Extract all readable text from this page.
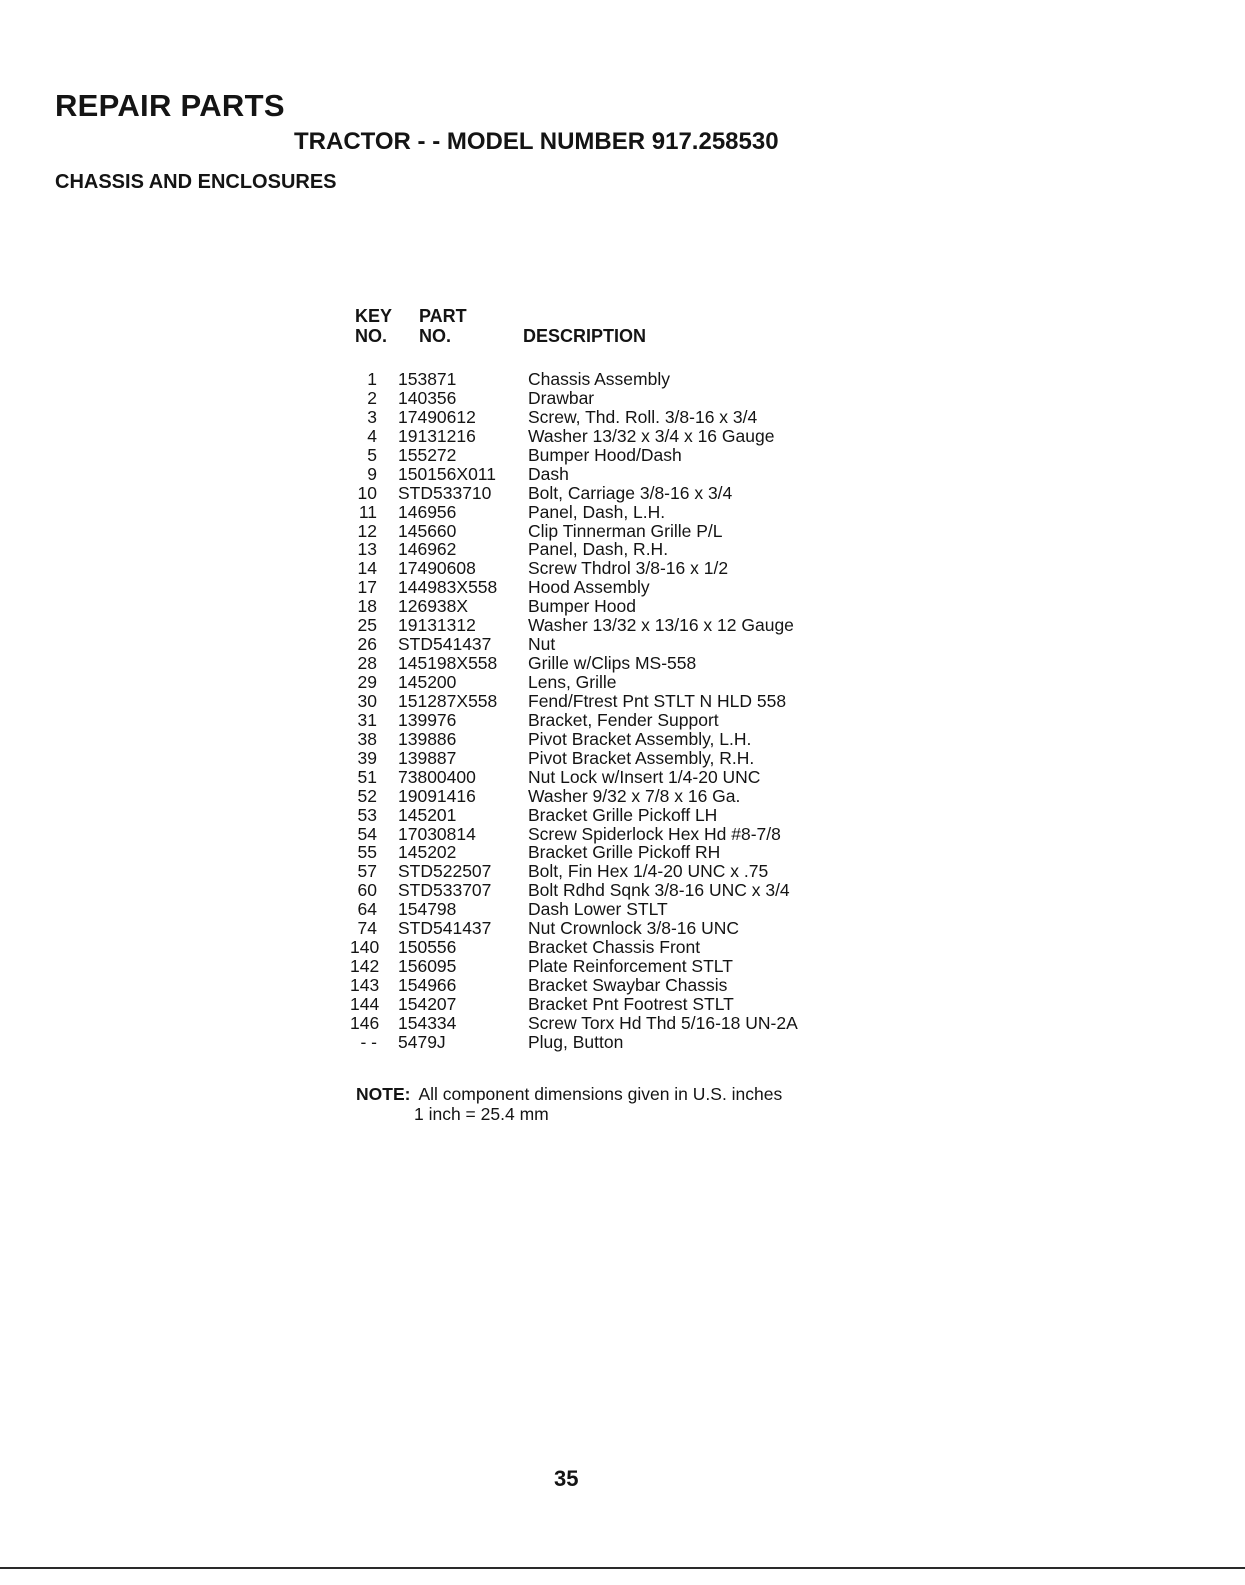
REPAIR PARTS
TRACTOR - - MODEL NUMBER 917.258530
CHASSIS AND ENCLOSURES
KEY
NO.
PART
NO.	DESCRIPTION
1 153871	Chassis Assembly
2 140356	Drawbar
3 17490612	Screw, Thd. Roll. 3/8-16 x 3/4
4 19131216	Washer 13/32 x 3/4 x 16 Gauge
5 155272	Bumper Hood/Dash
9 150156X011 Dash
10 STD533710 Bolt, Carriage 3/8-16 x 3/4
11 146956	Panel, Dash, L.H.
12 145660	Clip Tinnerman Grille P/L
13 146962	Panel, Dash, R.H.
14 17490608	Screw Thdrol 3/8-16 x 1/2
17 144983X558 Hood Assembly
18 126938X	Bumper Hood
25 19131312	Washer 13/32 x 13/16 x 12 Gauge
26 STD541437 Nut
28 145198X558 Grille w/Clips MS-558
29 145200	Lens, Grille
30 151287X558 Fend/Ftrest Pnt STLT N HLD 558
31 139976	Bracket, Fender Support
38 139886	Pivot Bracket Assembly, L.H.
39 139887	Pivot Bracket Assembly, R.H.
51 73800400	Nut Lock w/Insert 1/4-20 UNC
52 19091416	Washer 9/32 x 7/8 x 16 Ga.
53 145201	Bracket Grille Pickoff LH
54 17030814	Screw Spiderlock Hex Hd #8-7/8
55 145202	Bracket Grille Pickoff RH
57 STD522507 Bolt, Fin Hex 1/4-20 UNC x .75
60 STD533707 Bolt Rdhd Sqnk 3/8-16 UNC x 3/4
64 154798	Dash Lower STLT
74 STD541437 Nut Crownlock 3/8-16 UNC
140 150556	Bracket Chassis Front
142 156095	Plate Reinforcement STLT
143 154966	Bracket Swaybar Chassis
144 154207	Bracket Pnt Footrest STLT
146 154334	Screw Torx Hd Thd 5/16-18 UN-2A
- - 5479J	Plug, Button
NOTE: All component dimensions given in U.S. inches
1 inch = 25.4 mm
35
